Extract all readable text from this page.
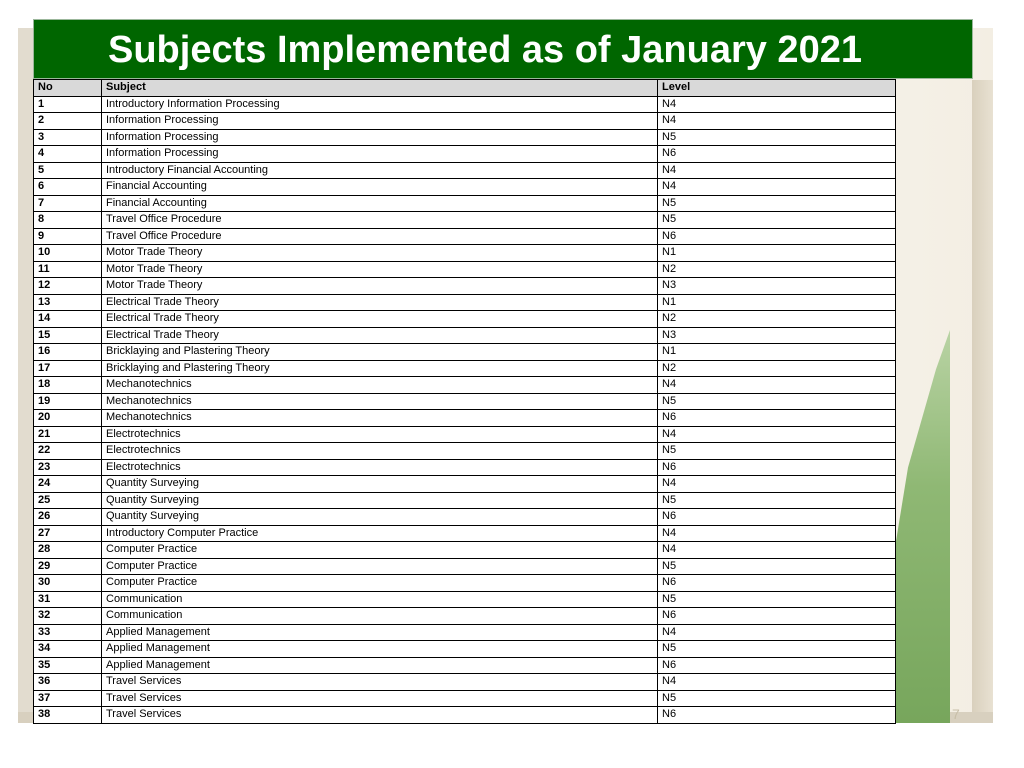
Subjects Implemented as of January 2021
No	Subject	Level
1	Introductory Information Processing	N4
2	Information Processing	N4
3	Information Processing	N5
4	Information Processing	N6
5	Introductory Financial Accounting	N4
6	Financial Accounting	N4
7	Financial Accounting	N5
8	Travel Office Procedure	N5
9	Travel Office Procedure	N6
10	Motor Trade Theory	N1
11	Motor Trade Theory	N2
12	Motor Trade Theory	N3
13	Electrical Trade Theory	N1
14	Electrical Trade Theory	N2
15	Electrical Trade Theory	N3
16	Bricklaying and Plastering Theory	N1
17	Bricklaying and Plastering Theory	N2
18	Mechanotechnics	N4
19	Mechanotechnics	N5
20	Mechanotechnics	N6
21	Electrotechnics	N4
22	Electrotechnics	N5
23	Electrotechnics	N6
24	Quantity Surveying	N4
25	Quantity Surveying	N5
26	Quantity Surveying	N6
27	Introductory Computer Practice	N4
28	Computer Practice	N4
29	Computer Practice	N5
30	Computer Practice	N6
31	Communication	N5
32	Communication	N6
33	Applied Management	N4
34	Applied Management	N5
35	Applied Management	N6
36	Travel Services	N4
37	Travel Services	N5
38	Travel Services	N6	7
